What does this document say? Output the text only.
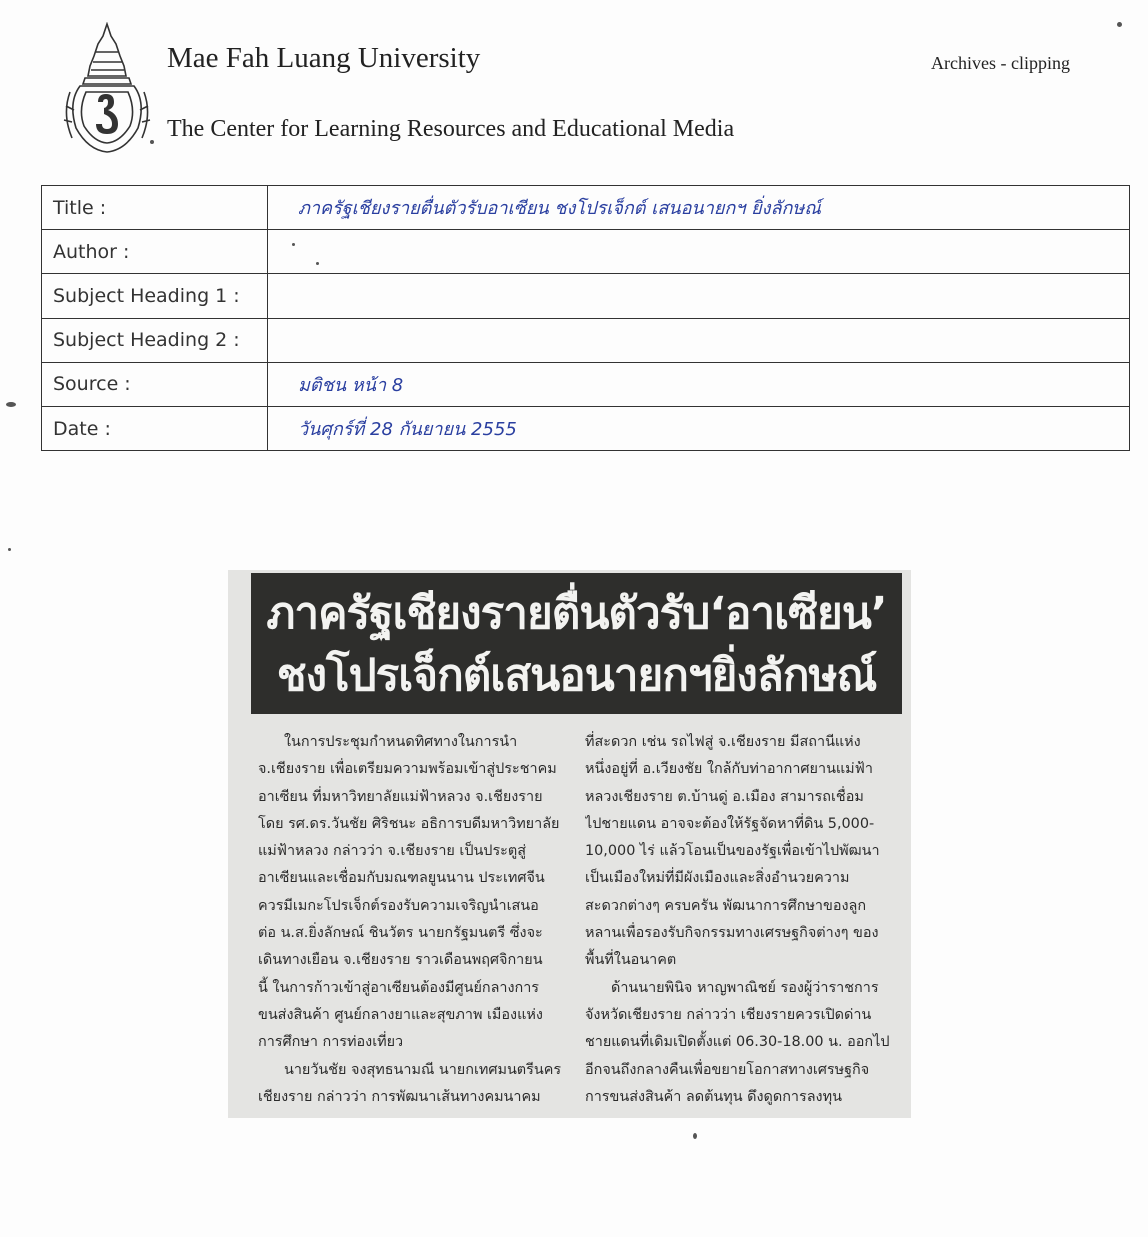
Mae Fah Luang University
The Center for Learning Resources and Educational Media
Archives - clipping
Title :	ภาครัฐเชียงรายตื่นตัวรับอาเซียน ชงโปรเจ็กต์ เสนอนายกฯ ยิ่งลักษณ์
Author :	
Subject Heading 1 :	
Subject Heading 2 :	
Source :	มติชน หน้า 8
Date :	วันศุกร์ที่ 28 กันยายน 2555
ภาครัฐเชียงรายตื่นตัวรับ‘อาเซียน’
ชงโปรเจ็กต์เสนอนายกฯยิ่งลักษณ์
ในการประชุมกำหนดทิศทางในการนำ
จ.เชียงราย เพื่อเตรียมความพร้อมเข้าสู่ประชาคม
อาเซียน ที่มหาวิทยาลัยแม่ฟ้าหลวง จ.เชียงราย
โดย รศ.ดร.วันชัย ศิริชนะ อธิการบดีมหาวิทยาลัย
แม่ฟ้าหลวง กล่าวว่า จ.เชียงราย เป็นประตูสู่
อาเซียนและเชื่อมกับมณฑลยูนนาน ประเทศจีน
ควรมีเมกะโปรเจ็กต์รองรับความเจริญนำเสนอ
ต่อ น.ส.ยิ่งลักษณ์ ชินวัตร นายกรัฐมนตรี ซึ่งจะ
เดินทางเยือน จ.เชียงราย ราวเดือนพฤศจิกายน
นี้ ในการก้าวเข้าสู่อาเซียนต้องมีศูนย์กลางการ
ขนส่งสินค้า ศูนย์กลางยาและสุขภาพ เมืองแห่ง
การศึกษา การท่องเที่ยว
นายวันชัย จงสุทธนามณี นายกเทศมนตรีนคร
เชียงราย กล่าวว่า การพัฒนาเส้นทางคมนาคม
ที่สะดวก เช่น รถไฟสู่ จ.เชียงราย มีสถานีแห่ง
หนึ่งอยู่ที่ อ.เวียงชัย ใกล้กับท่าอากาศยานแม่ฟ้า
หลวงเชียงราย ต.บ้านดู่ อ.เมือง สามารถเชื่อม
ไปชายแดน อาจจะต้องให้รัฐจัดหาที่ดิน 5,000-
10,000 ไร่ แล้วโอนเป็นของรัฐเพื่อเข้าไปพัฒนา
เป็นเมืองใหม่ที่มีผังเมืองและสิ่งอำนวยความ
สะดวกต่างๆ ครบครัน พัฒนาการศึกษาของลูก
หลานเพื่อรองรับกิจกรรมทางเศรษฐกิจต่างๆ ของ
พื้นที่ในอนาคต
ด้านนายพินิจ หาญพาณิชย์ รองผู้ว่าราชการ
จังหวัดเชียงราย กล่าวว่า เชียงรายควรเปิดด่าน
ชายแดนที่เดิมเปิดตั้งแต่ 06.30-18.00 น. ออกไป
อีกจนถึงกลางคืนเพื่อขยายโอกาสทางเศรษฐกิจ
การขนส่งสินค้า ลดต้นทุน ดึงดูดการลงทุน
